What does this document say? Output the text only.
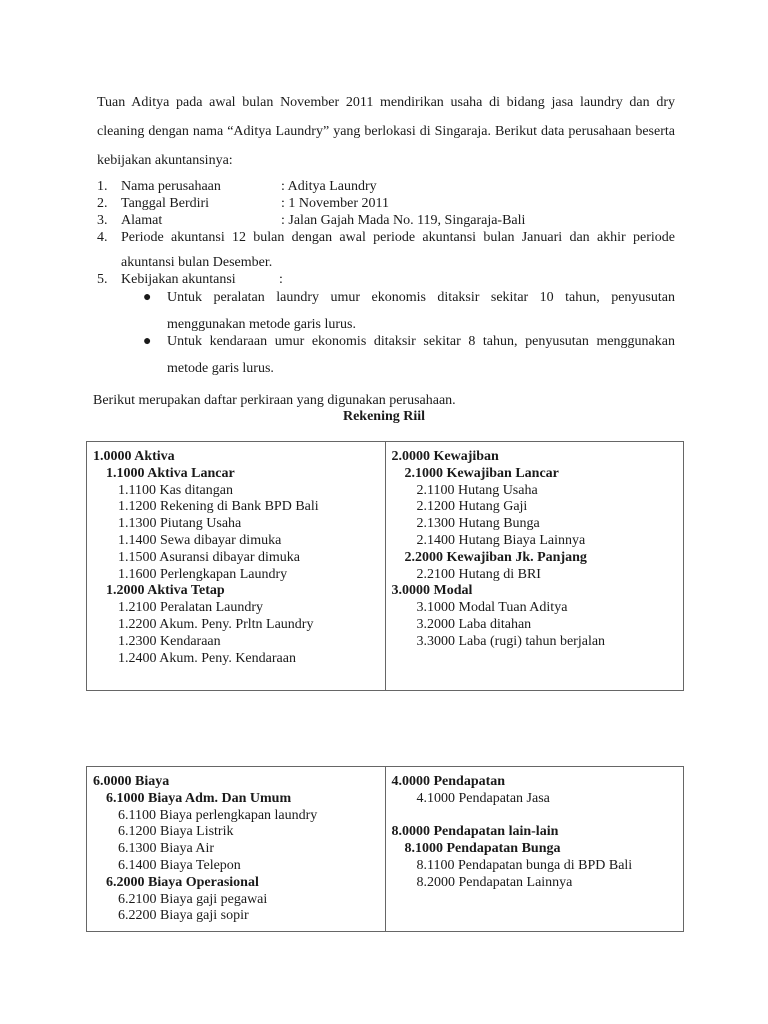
Tuan Aditya pada awal bulan November 2011 mendirikan usaha di bidang jasa laundry dan dry cleaning dengan nama “Aditya Laundry” yang berlokasi di Singaraja. Berikut data perusahaan beserta kebijakan akuntansinya:

1. Nama perusahaan	: Aditya Laundry
2. Tanggal Berdiri	: 1 November 2011
3. Alamat	: Jalan Gajah Mada No. 119, Singaraja-Bali
4. Periode akuntansi 12 bulan dengan awal periode akuntansi bulan Januari dan akhir periode akuntansi bulan Desember.
5. Kebijakan akuntansi	:
● Untuk peralatan laundry umur ekonomis ditaksir sekitar 10 tahun, penyusutan menggunakan metode garis lurus.
● Untuk kendaraan umur ekonomis ditaksir sekitar 8 tahun, penyusutan menggunakan metode garis lurus.
Berikut merupakan daftar perkiraan yang digunakan perusahaan.
Rekening Riil
1.0000 Aktiva
1.1000 Aktiva Lancar
1.1100 Kas ditangan
1.1200 Rekening di Bank BPD Bali
1.1300 Piutang Usaha
1.1400 Sewa dibayar dimuka
1.1500 Asuransi dibayar dimuka
1.1600 Perlengkapan Laundry
1.2000 Aktiva Tetap
1.2100 Peralatan Laundry
1.2200 Akum. Peny. Prltn Laundry
1.2300 Kendaraan
1.2400 Akum. Peny. Kendaraan

2.0000 Kewajiban
2.1000 Kewajiban Lancar
2.1100 Hutang Usaha
2.1200 Hutang Gaji
2.1300 Hutang Bunga
2.1400 Hutang Biaya Lainnya
2.2000 Kewajiban Jk. Panjang
2.2100 Hutang di BRI
3.0000 Modal
3.1000 Modal Tuan Aditya
3.2000 Laba ditahan
3.3000 Laba (rugi) tahun berjalan
6.0000 Biaya
6.1000 Biaya Adm. Dan Umum
6.1100 Biaya perlengkapan laundry
6.1200 Biaya Listrik
6.1300 Biaya Air
6.1400 Biaya Telepon
6.2000 Biaya Operasional
6.2100 Biaya gaji pegawai
6.2200 Biaya gaji sopir

4.0000 Pendapatan
4.1000 Pendapatan Jasa
8.0000 Pendapatan lain-lain
8.1000 Pendapatan Bunga
8.1100 Pendapatan bunga di BPD Bali
8.2000 Pendapatan Lainnya
